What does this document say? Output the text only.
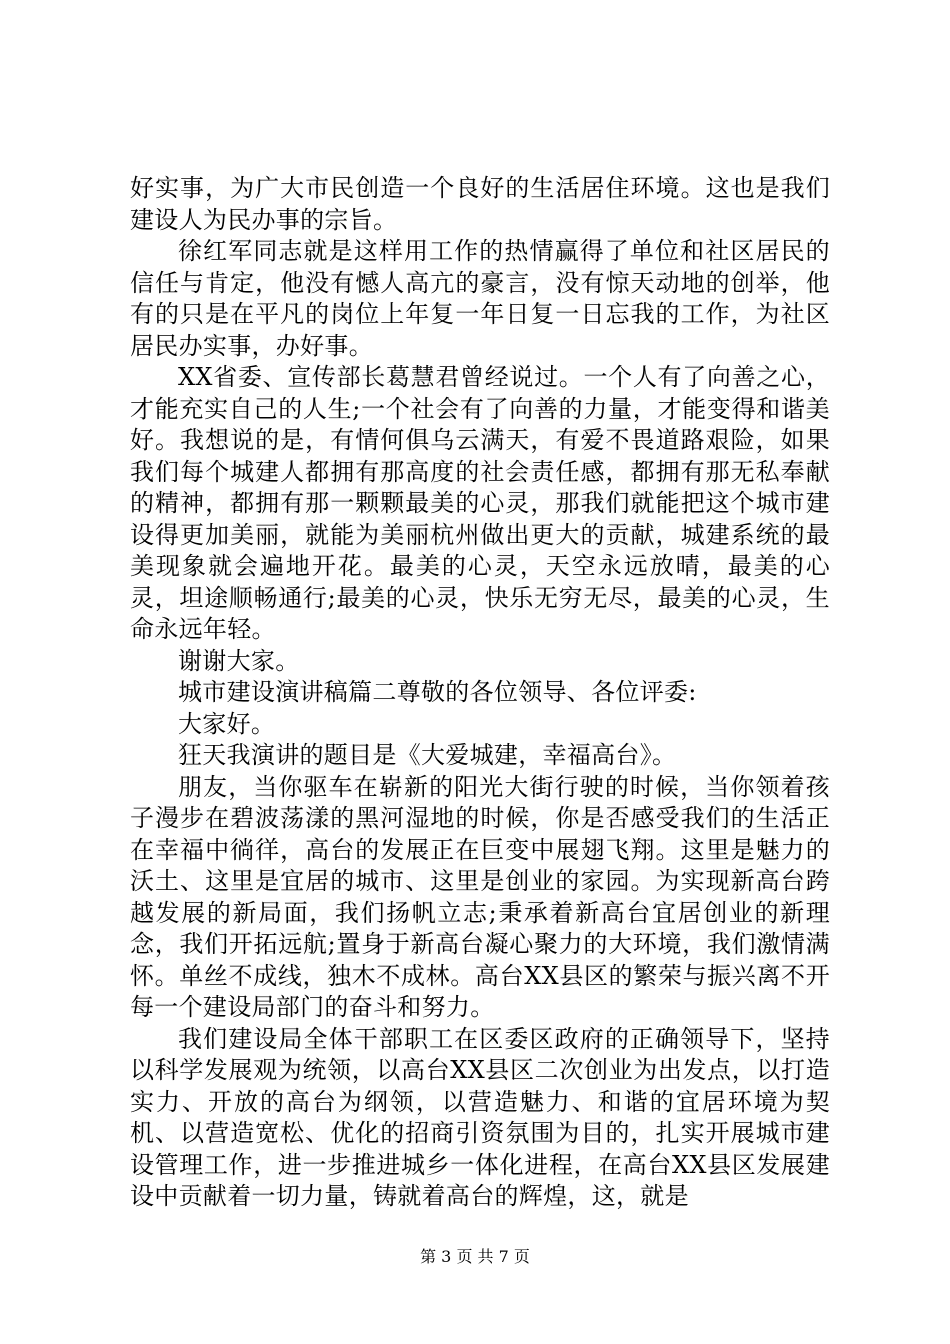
好实事，为广大市民创造一个良好的生活居住环境。这也是我们建设人为民办事的宗旨。

徐红军同志就是这样用工作的热情赢得了单位和社区居民的信任与肯定，他没有憾人高亢的豪言，没有惊天动地的创举，他有的只是在平凡的岗位上年复一年日复一日忘我的工作，为社区居民办实事，办好事。

XX省委、宣传部长葛慧君曾经说过。一个人有了向善之心，才能充实自己的人生;一个社会有了向善的力量，才能变得和谐美好。我想说的是，有情何俱乌云满天，有爱不畏道路艰险，如果我们每个城建人都拥有那高度的社会责任感，都拥有那无私奉献的精神，都拥有那一颗颗最美的心灵，那我们就能把这个城市建设得更加美丽，就能为美丽杭州做出更大的贡献，城建系统的最美现象就会遍地开花。最美的心灵，天空永远放晴，最美的心灵，坦途顺畅通行;最美的心灵，快乐无穷无尽，最美的心灵，生命永远年轻。

谢谢大家。

城市建设演讲稿篇二尊敬的各位领导、各位评委:

大家好。

狂天我演讲的题目是《大爱城建，幸福高台》。

朋友，当你驱车在崭新的阳光大街行驶的时候，当你领着孩子漫步在碧波荡漾的黑河湿地的时候，你是否感受我们的生活正在幸福中徜徉，高台的发展正在巨变中展翅飞翔。这里是魅力的沃土、这里是宜居的城市、这里是创业的家园。为实现新高台跨越发展的新局面，我们扬帆立志;秉承着新高台宜居创业的新理念，我们开拓远航;置身于新高台凝心聚力的大环境，我们激情满怀。单丝不成线，独木不成林。高台XX县区的繁荣与振兴离不开每一个建设局部门的奋斗和努力。

我们建设局全体干部职工在区委区政府的正确领导下，坚持以科学发展观为统领，以高台XX县区二次创业为出发点，以打造实力、开放的高台为纲领，以营造魅力、和谐的宜居环境为契机、以营造宽松、优化的招商引资氛围为目的，扎实开展城市建设管理工作，进一步推进城乡一体化进程，在高台XX县区发展建设中贡献着一切力量，铸就着高台的辉煌，这，就是

第 3 页 共 7 页
